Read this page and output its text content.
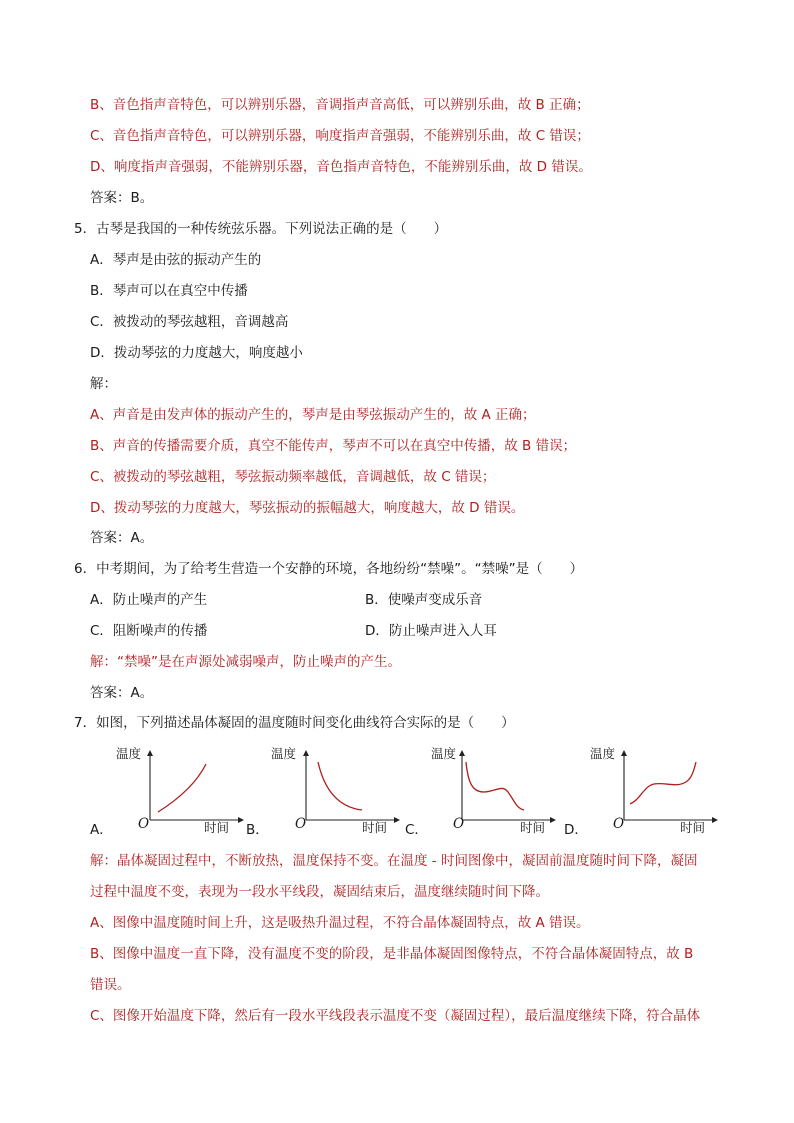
B、音色指声音特色，可以辨别乐器，音调指声音高低，可以辨别乐曲，故 B 正确；
C、音色指声音特色，可以辨别乐器，响度指声音强弱，不能辨别乐曲，故 C 错误；
D、响度指声音强弱，不能辨别乐器，音色指声音特色，不能辨别乐曲，故 D 错误。
答案：B。
5．古琴是我国的一种传统弦乐器。下列说法正确的是（　　）
A．琴声是由弦的振动产生的
B．琴声可以在真空中传播
C．被拨动的琴弦越粗，音调越高
D．拨动琴弦的力度越大，响度越小
解：
A、声音是由发声体的振动产生的，琴声是由琴弦振动产生的，故 A 正确；
B、声音的传播需要介质，真空不能传声，琴声不可以在真空中传播，故 B 错误；
C、被拨动的琴弦越粗，琴弦振动频率越低，音调越低，故 C 错误；
D、拨动琴弦的力度越大，琴弦振动的振幅越大，响度越大，故 D 错误。
答案：A。
6．中考期间，为了给考生营造一个安静的环境，各地纷纷“禁噪”。“禁噪”是（　　）
A．防止噪声的产生	B．使噪声变成乐音
C．阻断噪声的传播	D．防止噪声进入人耳
解：“禁噪”是在声源处减弱噪声，防止噪声的产生。
答案：A。
7．如图，下列描述晶体凝固的温度随时间变化曲线符合实际的是（　　）
温度
O	时间
A．
温度
O	时间
B．
温度
O	时间
C．
温度
O	时间
D．
解：晶体凝固过程中，不断放热，温度保持不变。在温度 - 时间图像中，凝固前温度随时间下降，凝固
过程中温度不变，表现为一段水平线段，凝固结束后，温度继续随时间下降。
A、图像中温度随时间上升，这是吸热升温过程，不符合晶体凝固特点，故 A 错误。
B、图像中温度一直下降，没有温度不变的阶段，是非晶体凝固图像特点，不符合晶体凝固特点，故 B
错误。
C、图像开始温度下降，然后有一段水平线段表示温度不变（凝固过程），最后温度继续下降，符合晶体
